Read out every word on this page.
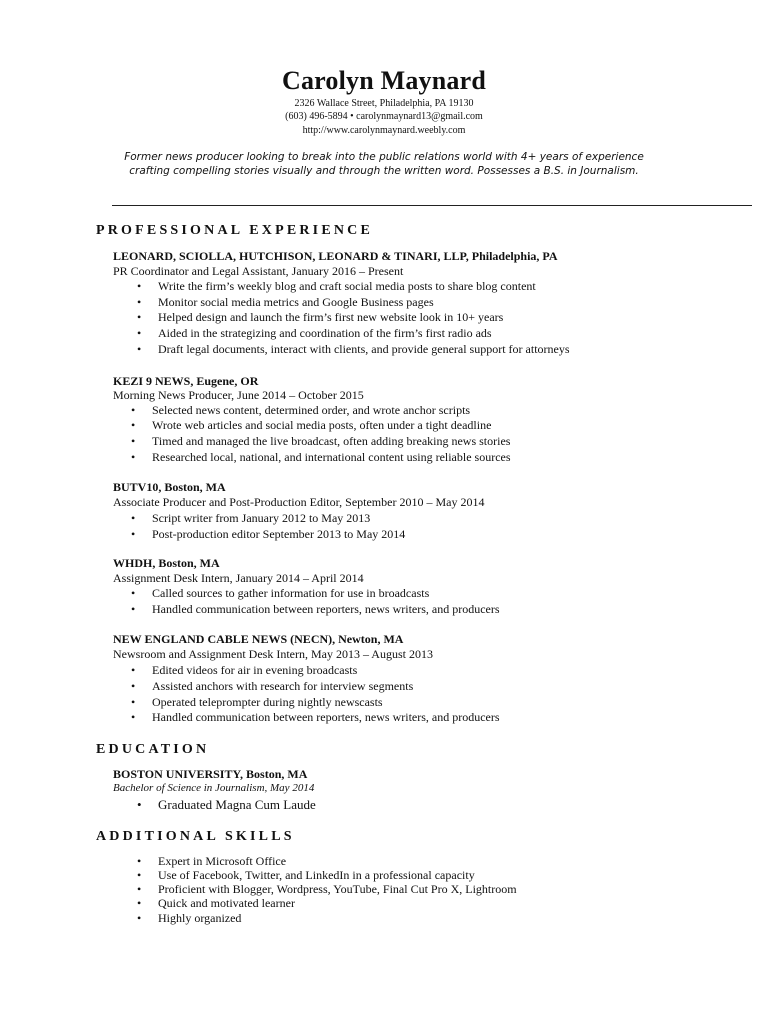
Carolyn Maynard
2326 Wallace Street, Philadelphia, PA 19130
(603) 496-5894 • carolynmaynard13@gmail.com
http://www.carolynmaynard.weebly.com
Former news producer looking to break into the public relations world with 4+ years of experience
crafting compelling stories visually and through the written word. Possesses a B.S. in Journalism.
PROFESSIONAL EXPERIENCE
LEONARD, SCIOLLA, HUTCHISON, LEONARD & TINARI, LLP, Philadelphia, PA
PR Coordinator and Legal Assistant, January 2016 – Present
• Write the firm’s weekly blog and craft social media posts to share blog content
• Monitor social media metrics and Google Business pages
• Helped design and launch the firm’s first new website look in 10+ years
• Aided in the strategizing and coordination of the firm’s first radio ads
• Draft legal documents, interact with clients, and provide general support for attorneys
KEZI 9 NEWS, Eugene, OR
Morning News Producer, June 2014 – October 2015
• Selected news content, determined order, and wrote anchor scripts
• Wrote web articles and social media posts, often under a tight deadline
• Timed and managed the live broadcast, often adding breaking news stories
• Researched local, national, and international content using reliable sources
BUTV10, Boston, MA
Associate Producer and Post-Production Editor, September 2010 – May 2014
• Script writer from January 2012 to May 2013
• Post-production editor September 2013 to May 2014
WHDH, Boston, MA
Assignment Desk Intern, January 2014 – April 2014
• Called sources to gather information for use in broadcasts
• Handled communication between reporters, news writers, and producers
NEW ENGLAND CABLE NEWS (NECN), Newton, MA
Newsroom and Assignment Desk Intern, May 2013 – August 2013
• Edited videos for air in evening broadcasts
• Assisted anchors with research for interview segments
• Operated teleprompter during nightly newscasts
• Handled communication between reporters, news writers, and producers
EDUCATION
BOSTON UNIVERSITY, Boston, MA
Bachelor of Science in Journalism, May 2014
• Graduated Magna Cum Laude
ADDITIONAL SKILLS
• Expert in Microsoft Office
• Use of Facebook, Twitter, and LinkedIn in a professional capacity
• Proficient with Blogger, Wordpress, YouTube, Final Cut Pro X, Lightroom
• Quick and motivated learner
• Highly organized
